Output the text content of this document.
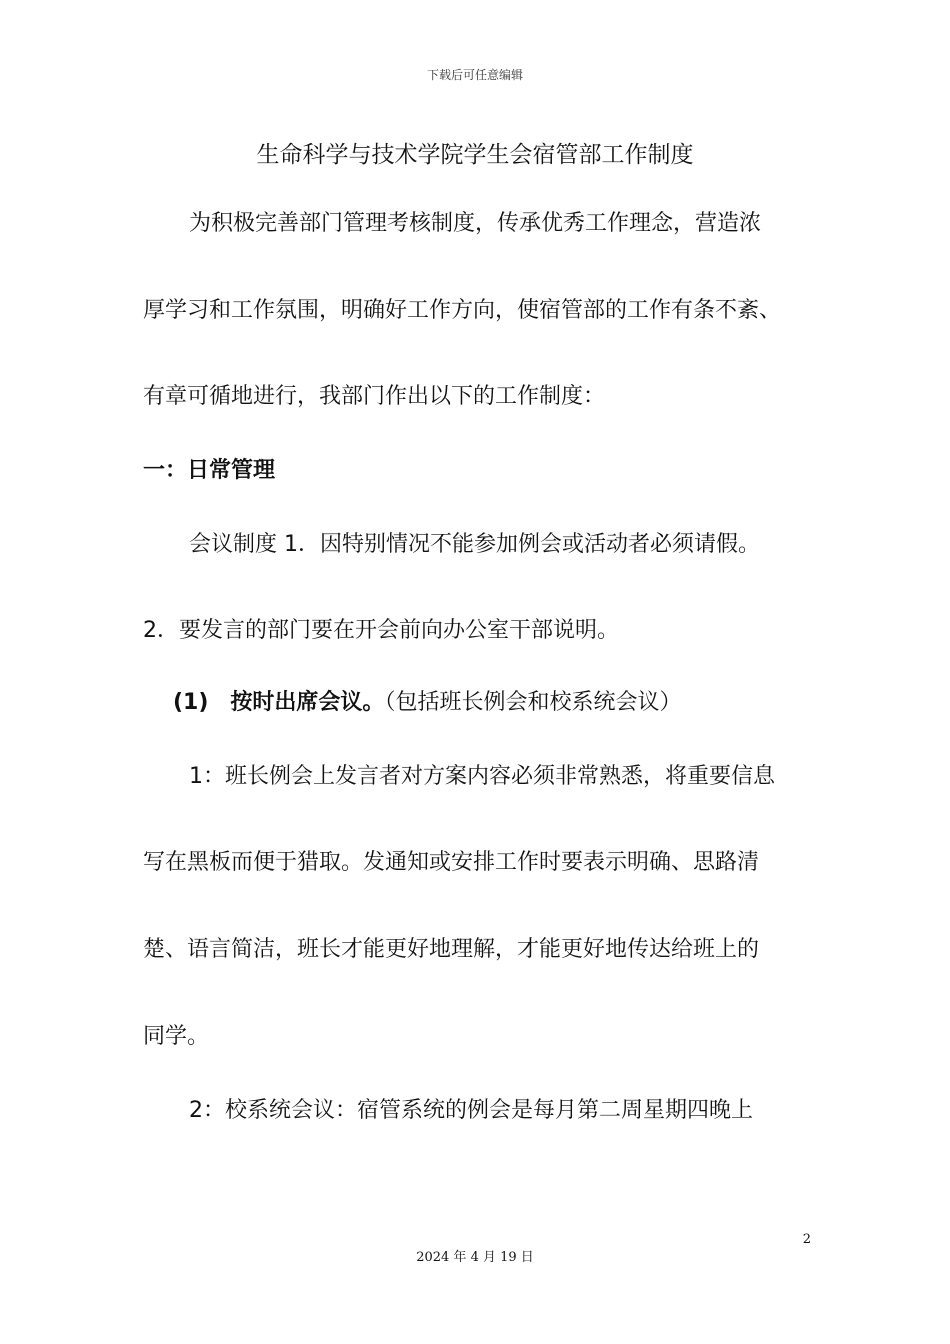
下载后可任意编辑
生命科学与技术学院学生会宿管部工作制度
为积极完善部门管理考核制度，传承优秀工作理念，营造浓
厚学习和工作氛围，明确好工作方向，使宿管部的工作有条不紊、
有章可循地进行，我部门作出以下的工作制度：
一：日常管理
会议制度 1．因特别情况不能参加例会或活动者必须请假。
2．要发言的部门要在开会前向办公室干部说明。
(1) 按时出席会议。（包括班长例会和校系统会议）
1：班长例会上发言者对方案内容必须非常熟悉，将重要信息
写在黑板而便于猎取。发通知或安排工作时要表示明确、思路清
楚、语言简洁，班长才能更好地理解，才能更好地传达给班上的
同学。
2：校系统会议：宿管系统的例会是每月第二周星期四晚上
2
2024 年 4 月 19 日
